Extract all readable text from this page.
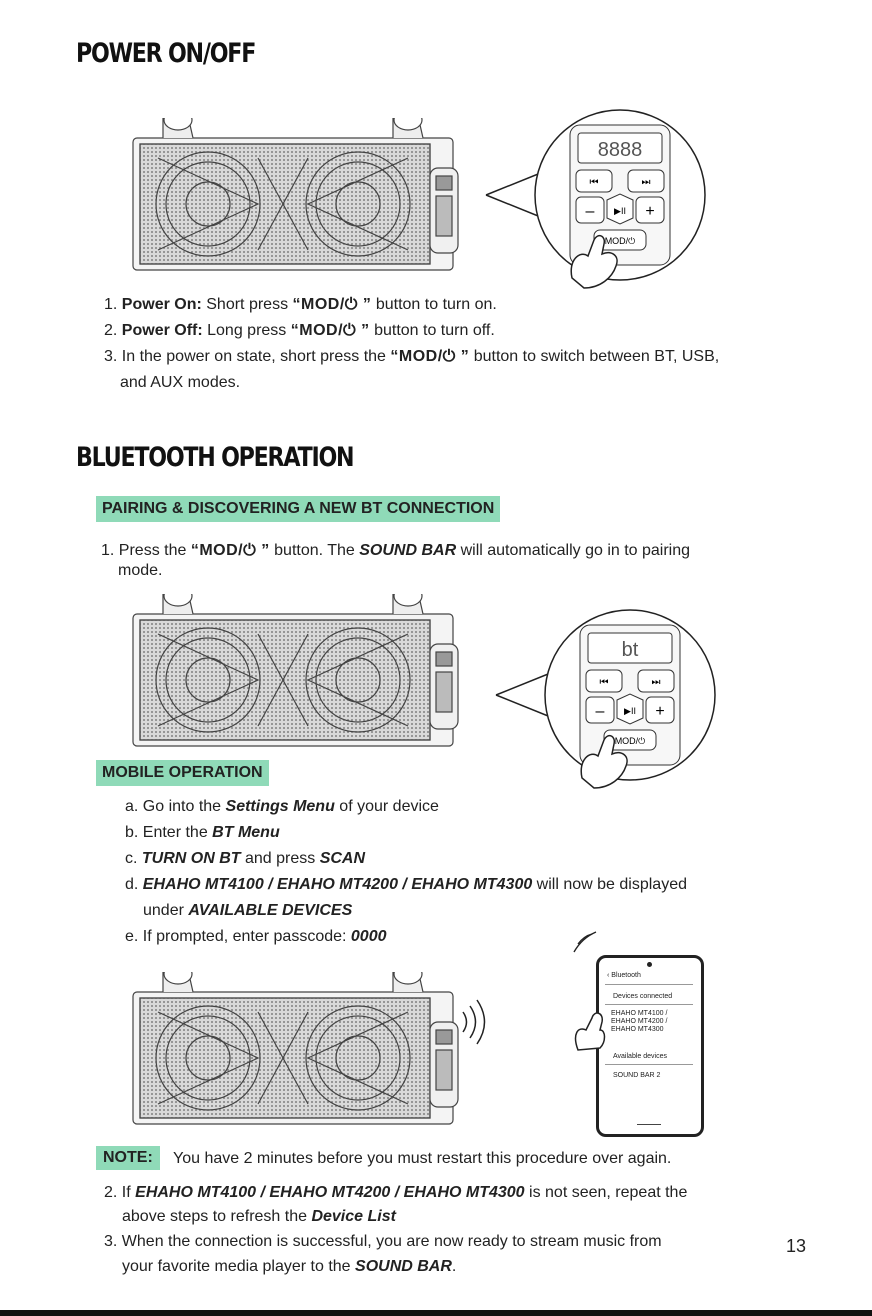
POWER ON/OFF
8888
⏮	⏭
– ▶II +
MOD/⏻
1. Power On: Short press “MOD/⏻ ” button to turn on.
2. Power Off: Long press “MOD/⏻ ” button to turn off.
3. In the power on state, short press the “MOD/⏻ ” button to switch between BT, USB,
and AUX modes.
BLUETOOTH OPERATION
PAIRING & DISCOVERING A NEW BT CONNECTION
1. Press the “MOD/⏻ ” button. The SOUND BAR will automatically go in to pairing
mode.
bt
⏮	⏭
– ▶II +
MOD/⏻
MOBILE OPERATION
a. Go into the Settings Menu of your device
b. Enter the BT Menu
c. TURN ON BT and press SCAN
d. EHAHO MT4100 / EHAHO MT4200 / EHAHO MT4300 will now be displayed
under AVAILABLE DEVICES
e. If prompted, enter passcode: 0000
‹ Bluetooth
Devices connected
EHAHO MT4100 /
EHAHO MT4200 /
EHAHO MT4300
Available devices
SOUND BAR 2
NOTE:	You have 2 minutes before you must restart this procedure over again.
2. If EHAHO MT4100 / EHAHO MT4200 / EHAHO MT4300 is not seen, repeat the
above steps to refresh the Device List
3. When the connection is successful, you are now ready to stream music from
your favorite media player to the SOUND BAR.
13
